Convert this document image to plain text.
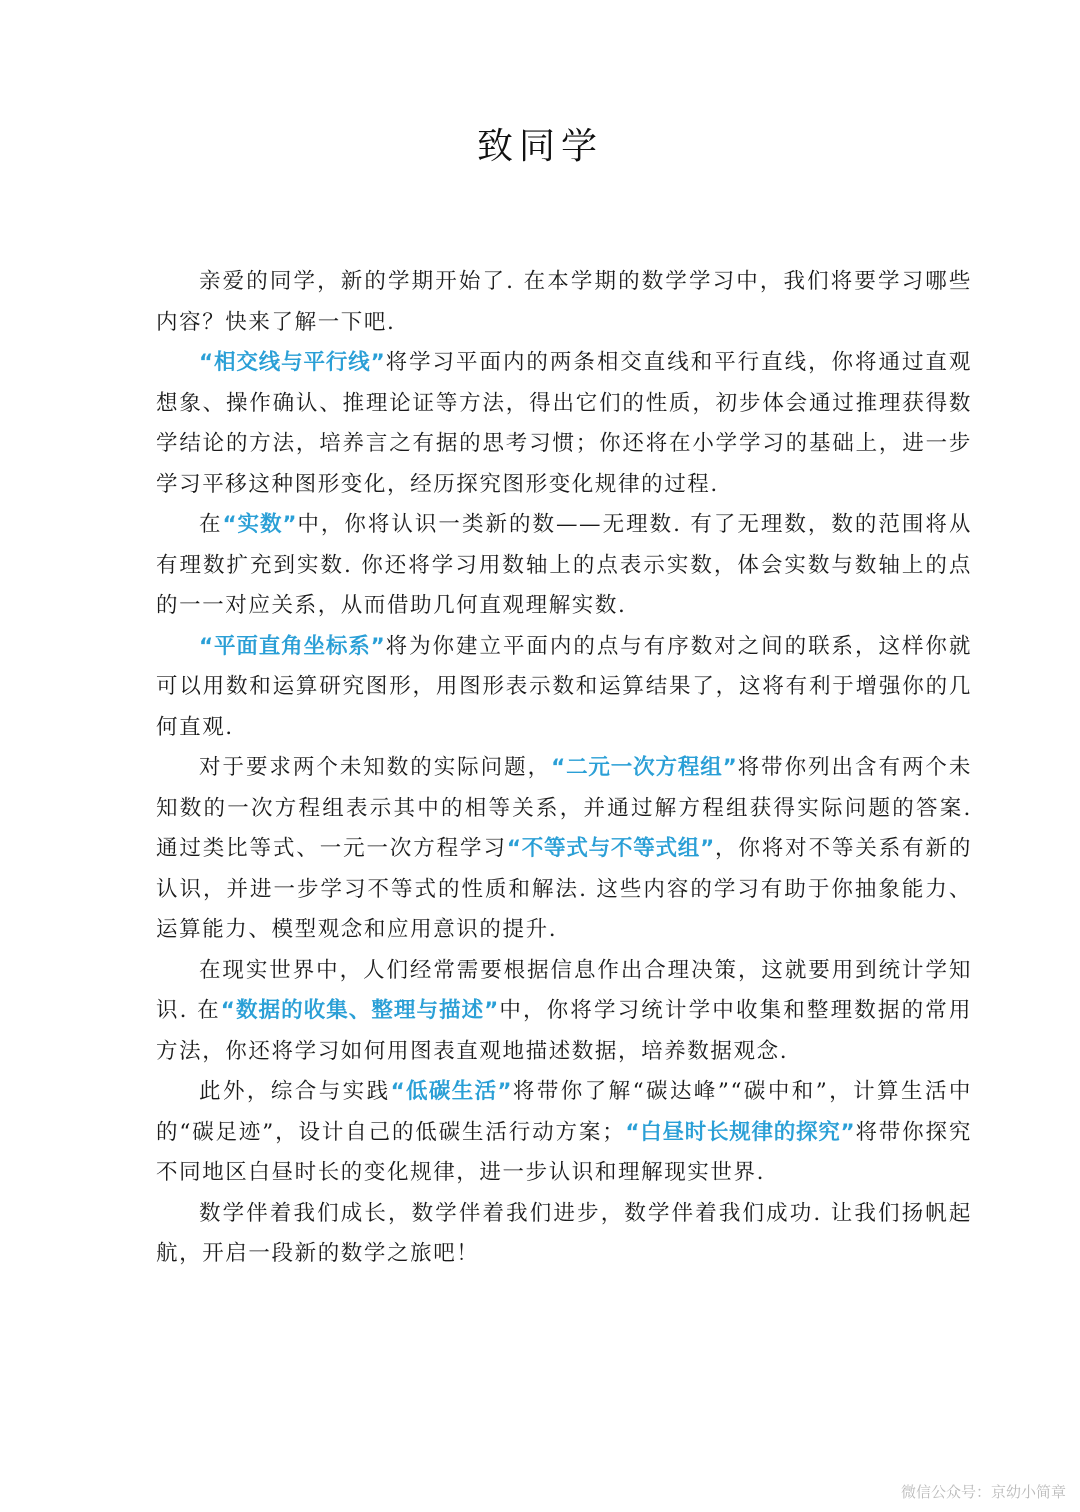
致同学

亲爱的同学，新的学期开始了. 在本学期的数学学习中，我们将要学习哪些内容？快来了解一下吧.

“相交线与平行线”将学习平面内的两条相交直线和平行直线，你将通过直观想象、操作确认、推理论证等方法，得出它们的性质，初步体会通过推理获得数学结论的方法，培养言之有据的思考习惯；你还将在小学学习的基础上，进一步学习平移这种图形变化，经历探究图形变化规律的过程.

在“实数”中，你将认识一类新的数——无理数. 有了无理数，数的范围将从有理数扩充到实数. 你还将学习用数轴上的点表示实数，体会实数与数轴上的点的一一对应关系，从而借助几何直观理解实数.

“平面直角坐标系”将为你建立平面内的点与有序数对之间的联系，这样你就可以用数和运算研究图形，用图形表示数和运算结果了，这将有利于增强你的几何直观.

对于要求两个未知数的实际问题，“二元一次方程组”将带你列出含有两个未知数的一次方程组表示其中的相等关系，并通过解方程组获得实际问题的答案. 通过类比等式、一元一次方程学习“不等式与不等式组”，你将对不等关系有新的认识，并进一步学习不等式的性质和解法. 这些内容的学习有助于你抽象能力、运算能力、模型观念和应用意识的提升.

在现实世界中，人们经常需要根据信息作出合理决策，这就要用到统计学知识. 在“数据的收集、整理与描述”中，你将学习统计学中收集和整理数据的常用方法，你还将学习如何用图表直观地描述数据，培养数据观念.

此外，综合与实践“低碳生活”将带你了解“碳达峰”“碳中和”，计算生活中的“碳足迹”，设计自己的低碳生活行动方案；“白昼时长规律的探究”将带你探究不同地区白昼时长的变化规律，进一步认识和理解现实世界.

数学伴着我们成长，数学伴着我们进步，数学伴着我们成功. 让我们扬帆起航，开启一段新的数学之旅吧！

微信公众号：京幼小简章
